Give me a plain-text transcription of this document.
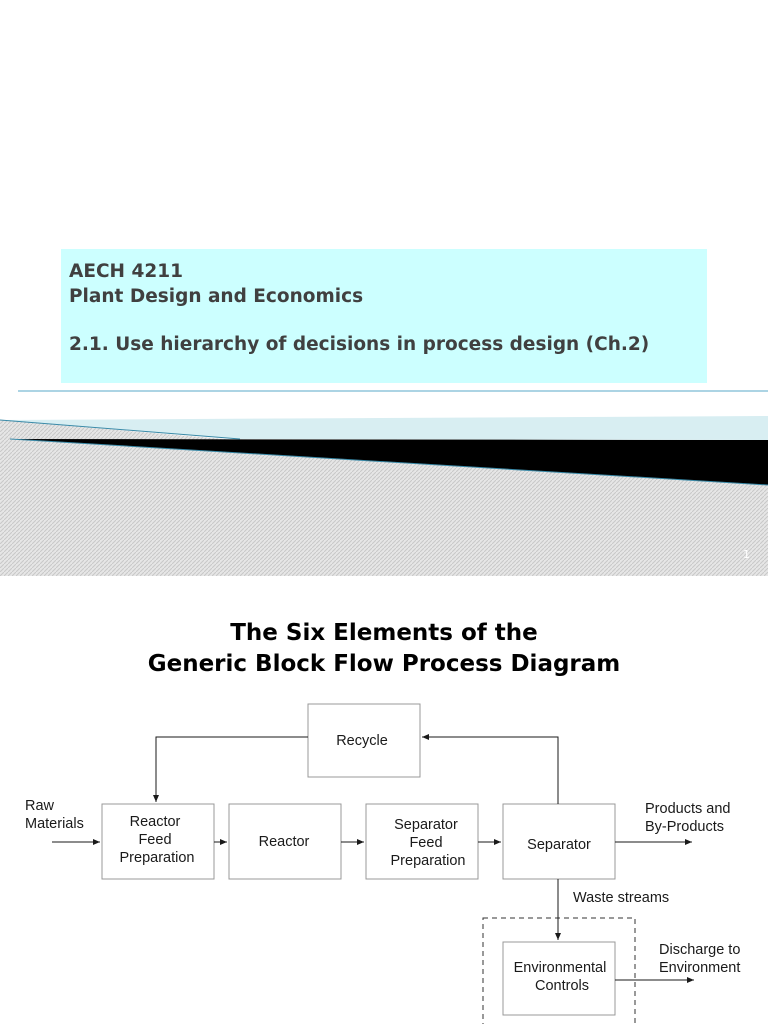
AECH 4211
Plant Design and Economics
2.1. Use hierarchy of decisions in process design (Ch.2)
1
The Six Elements of the
Generic Block Flow Process Diagram
Recycle
Reactor Feed Preparation
Reactor
Separator Feed Preparation
Separator
Environmental Controls
Raw Materials
Products and By-Products
Waste streams
Discharge to Environment
